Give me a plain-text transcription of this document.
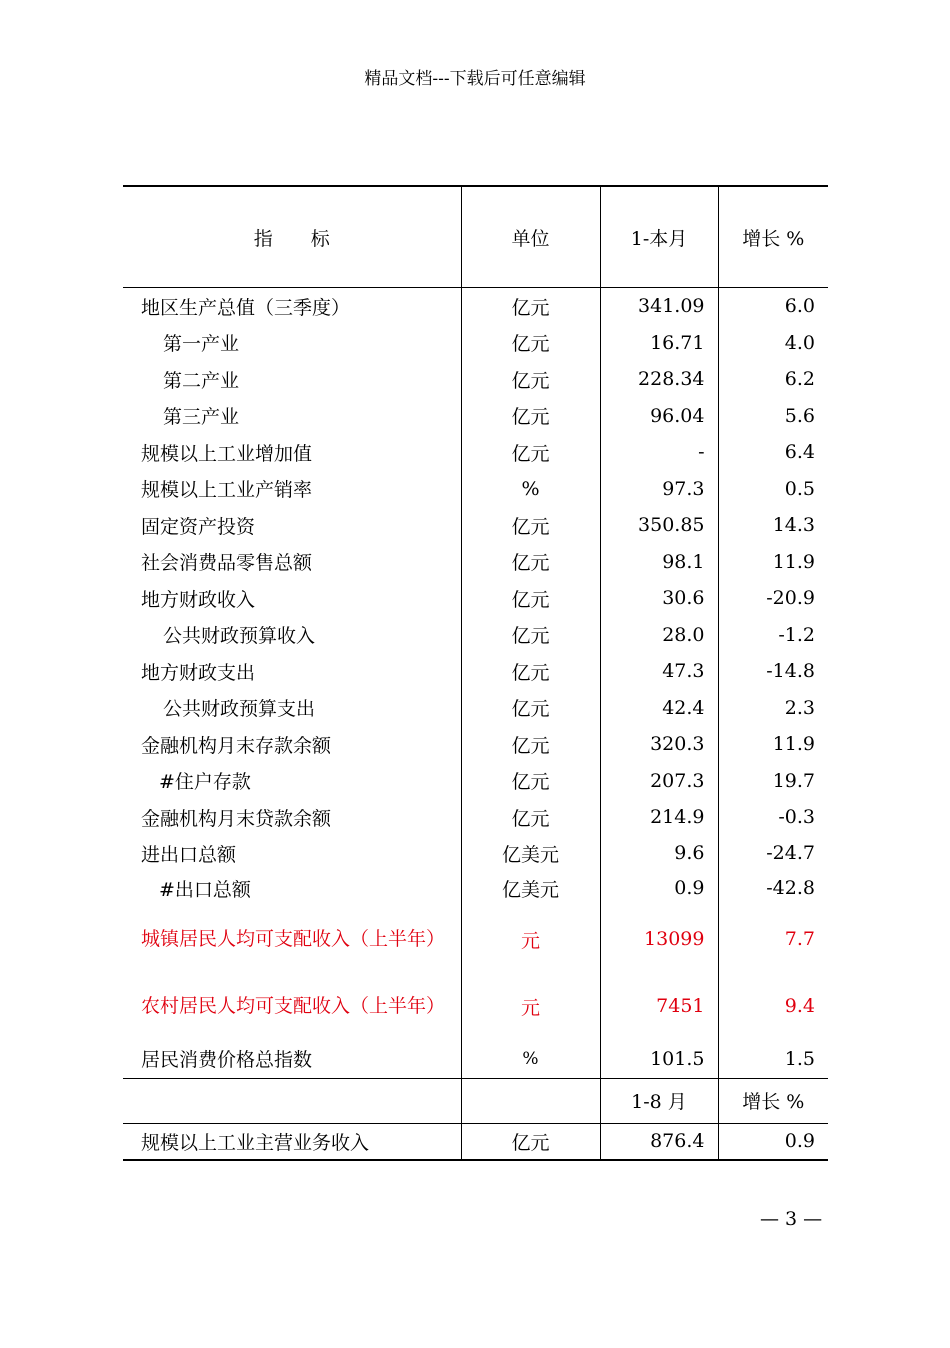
精品文档---下载后可任意编辑
指　　标	单位	1-本月	增长 %
地区生产总值（三季度）	亿元	341.09	6.0
第一产业	亿元	16.71	4.0
第二产业	亿元	228.34	6.2
第三产业	亿元	96.04	5.6
规模以上工业增加值	亿元	-	6.4
规模以上工业产销率	%	97.3	0.5
固定资产投资	亿元	350.85	14.3
社会消费品零售总额	亿元	98.1	11.9
地方财政收入	亿元	30.6	-20.9
公共财政预算收入	亿元	28.0	-1.2
地方财政支出	亿元	47.3	-14.8
公共财政预算支出	亿元	42.4	2.3
金融机构月末存款余额	亿元	320.3	11.9
#住户存款	亿元	207.3	19.7
金融机构月末贷款余额	亿元	214.9	-0.3
进出口总额	亿美元	9.6	-24.7
#出口总额	亿美元	0.9	-42.8
城镇居民人均可支配收入（上半年）	元	13099	7.7
农村居民人均可支配收入（上半年）	元	7451	9.4
居民消费价格总指数	%	101.5	1.5
		1-8 月	增长 %
规模以上工业主营业务收入	亿元	876.4	0.9
— 3 —
